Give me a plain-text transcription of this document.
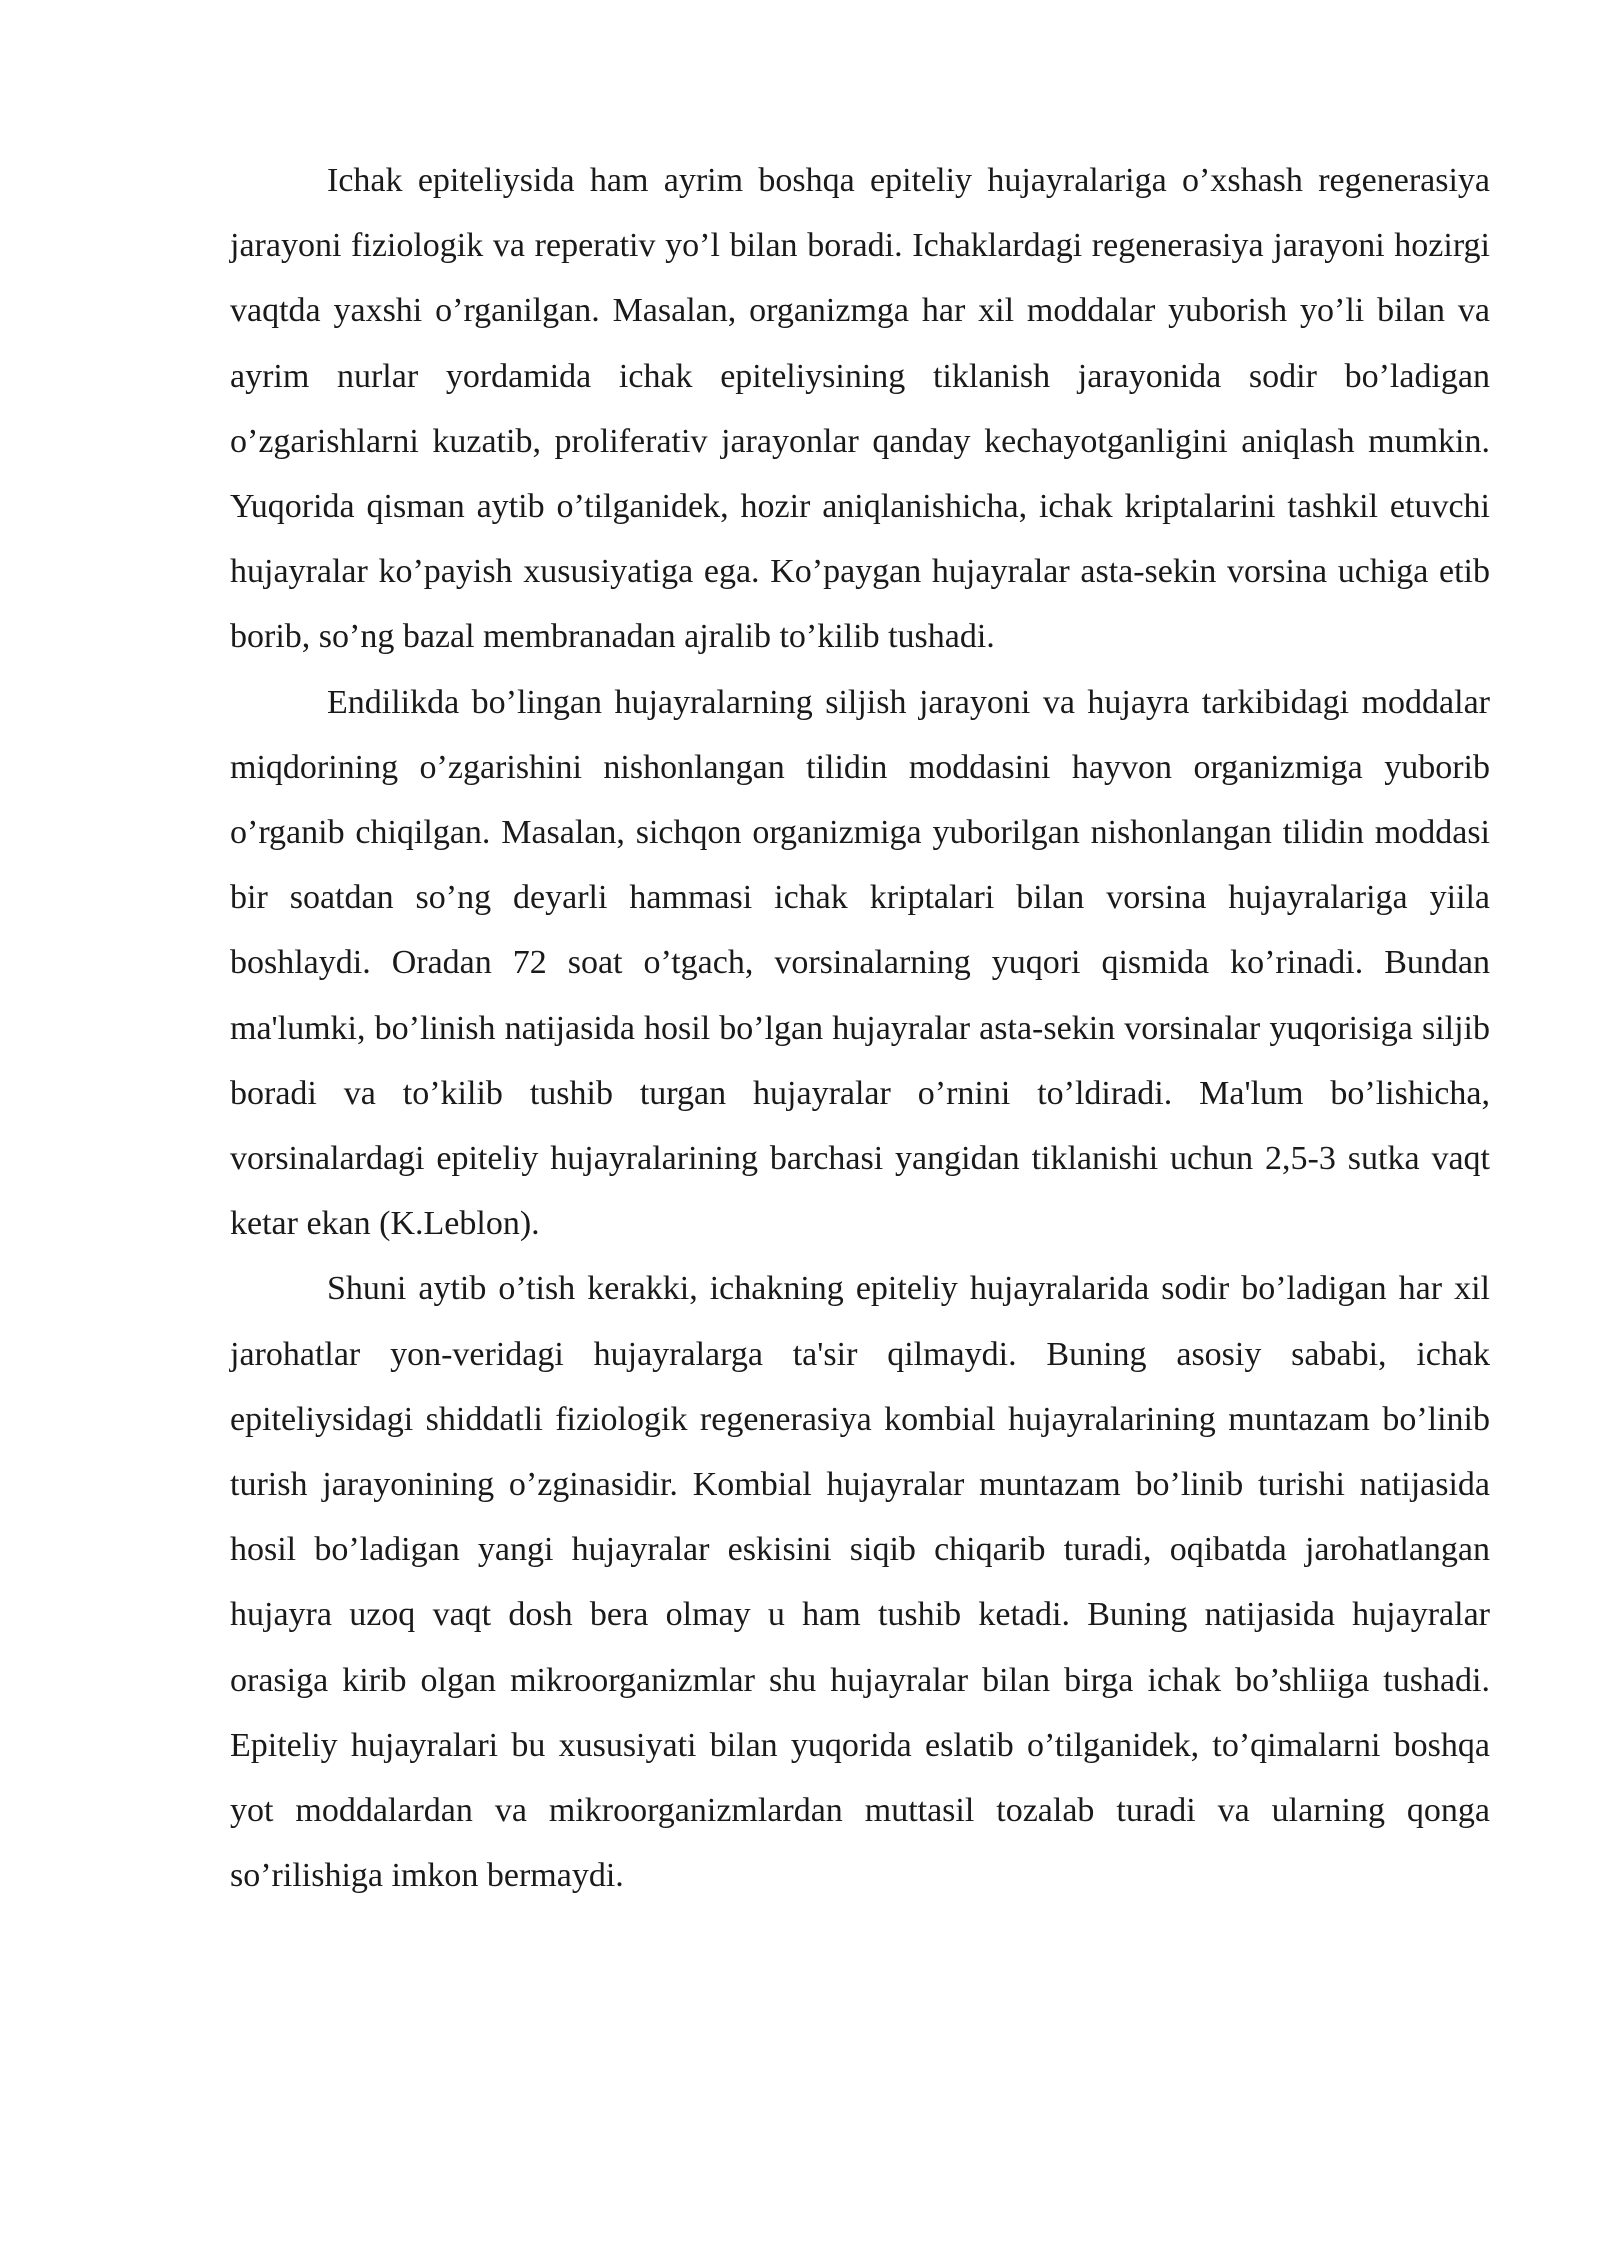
Ichak epiteliysida ham ayrim boshqa epiteliy hujayralariga o’xshash regenerasiya jarayoni fiziologik va reperativ yo’l bilan boradi. Ichaklardagi regenerasiya jarayoni hozirgi vaqtda yaxshi o’rganilgan. Masalan, organizmga har xil moddalar yuborish yo’li bilan va ayrim nurlar yordamida ichak epiteliysining tiklanish jarayonida sodir bo’ladigan o’zgarishlarni kuzatib, proliferativ jarayonlar qanday kechayotganligini aniqlash mumkin. Yuqorida qisman aytib o’tilganidek, hozir aniqlanishicha, ichak kriptalarini tashkil etuvchi hujayralar ko’payish xususiyatiga ega. Ko’paygan hujayralar asta-sekin vorsina uchiga etib borib, so’ng bazal membranadan ajralib to’kilib tushadi.

Endilikda bo’lingan hujayralarning siljish jarayoni va hujayra tarkibidagi moddalar miqdorining o’zgarishini nishonlangan tilidin moddasini hayvon organizmiga yuborib o’rganib chiqilgan. Masalan, sichqon organizmiga yuborilgan nishonlangan tilidin moddasi bir soatdan so’ng deyarli hammasi ichak kriptalari bilan vorsina hujayralariga yiila boshlaydi. Oradan 72 soat o’tgach, vorsinalarning yuqori qismida ko’rinadi. Bundan ma'lumki, bo’linish natijasida hosil bo’lgan hujayralar asta-sekin vorsinalar yuqorisiga siljib boradi va to’kilib tushib turgan hujayralar o’rnini to’ldiradi. Ma'lum bo’lishicha, vorsinalardagi epiteliy hujayralarining barchasi yangidan tiklanishi uchun 2,5-3 sutka vaqt ketar ekan (K.Leblon).

Shuni aytib o’tish kerakki, ichakning epiteliy hujayralarida sodir bo’ladigan har xil jarohatlar yon-veridagi hujayralarga ta'sir qilmaydi. Buning asosiy sababi, ichak epiteliysidagi shiddatli fiziologik regenerasiya kombial hujayralarining muntazam bo’linib turish jarayonining o’zginasidir. Kombial hujayralar muntazam bo’linib turishi natijasida hosil bo’ladigan yangi hujayralar eskisini siqib chiqarib turadi, oqibatda jarohatlangan hujayra uzoq vaqt dosh bera olmay u ham tushib ketadi. Buning natijasida hujayralar orasiga kirib olgan mikroorganizmlar shu hujayralar bilan birga ichak bo’shliiga tushadi. Epiteliy hujayralari bu xususiyati bilan yuqorida eslatib o’tilganidek, to’qimalarni boshqa yot moddalardan va mikroorganizmlardan muttasil tozalab turadi va ularning qonga so’rilishiga imkon bermaydi.
